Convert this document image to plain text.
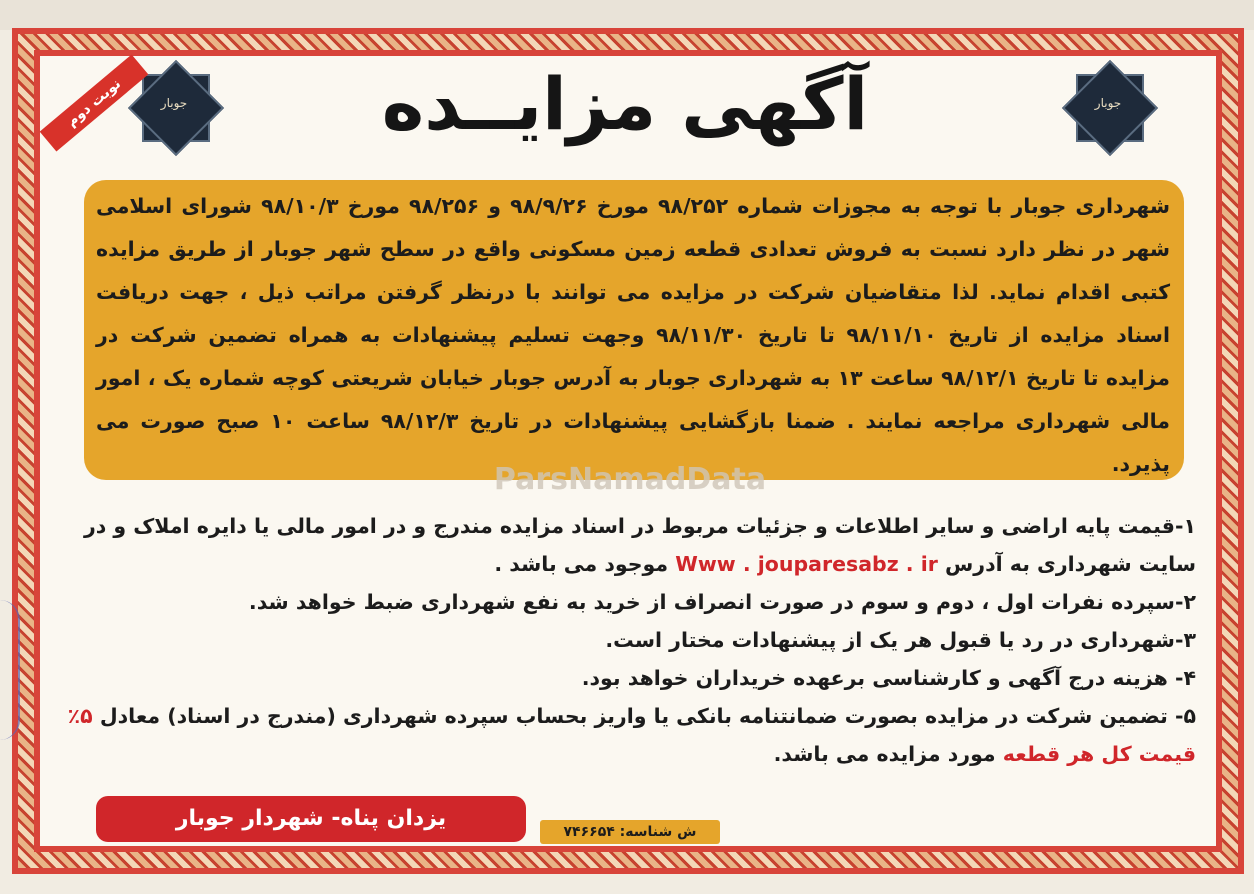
جوبار	جوبار
نوبت دوم	آگهی مزایــده
شهرداری جوبار با توجه به مجوزات شماره ۹۸/۲۵۲ مورخ ۹۸/۹/۲۶ و ۹۸/۲۵۶ مورخ ۹۸/۱۰/۳ شورای اسلامی شهر در نظر دارد نسبت به فروش تعدادی قطعه زمین مسکونی واقع در سطح شهر جوبار از طریق مزایده کتبی اقدام نماید. لذا متقاضیان شرکت در مزایده می توانند با درنظر گرفتن مراتب ذیل ، جهت دریافت اسناد مزایده از تاریخ ۹۸/۱۱/۱۰ تا تاریخ ۹۸/۱۱/۳۰ وجهت تسلیم پیشنهادات به همراه تضمین شرکت در مزایده تا تاریخ ۹۸/۱۲/۱ ساعت ۱۳ به شهرداری جوبار به آدرس جوبار خیابان شریعتی کوچه شماره یک ، امور مالی شهرداری مراجعه نمایند . ضمنا بازگشایی پیشنهادات در تاریخ ۹۸/۱۲/۳ ساعت ۱۰ صبح صورت می پذیرد.
ParsNamadData

۱-قیمت پایه اراضی و سایر اطلاعات و جزئیات مربوط در اسناد مزایده مندرج و در امور مالی یا دایره املاک و در سایت شهرداری به آدرس Www . jouparesabz . ir موجود می باشد .

۲-سپرده نفرات اول ، دوم و سوم در صورت انصراف از خرید به نفع شهرداری ضبط خواهد شد.

۳-شهرداری در رد یا قبول هر یک از پیشنهادات مختار است.

۴- هزینه درج آگهی و کارشناسی برعهده خریداران خواهد بود.

۵- تضمین شرکت در مزایده بصورت ضمانتنامه بانکی یا واریز بحساب سپرده شهرداری (مندرج در اسناد) معادل ۵٪ قیمت کل هر قطعه مورد مزایده می باشد.

یزدان پناه- شهردار جوبار
ش شناسه: ۷۴۶۶۵۴
